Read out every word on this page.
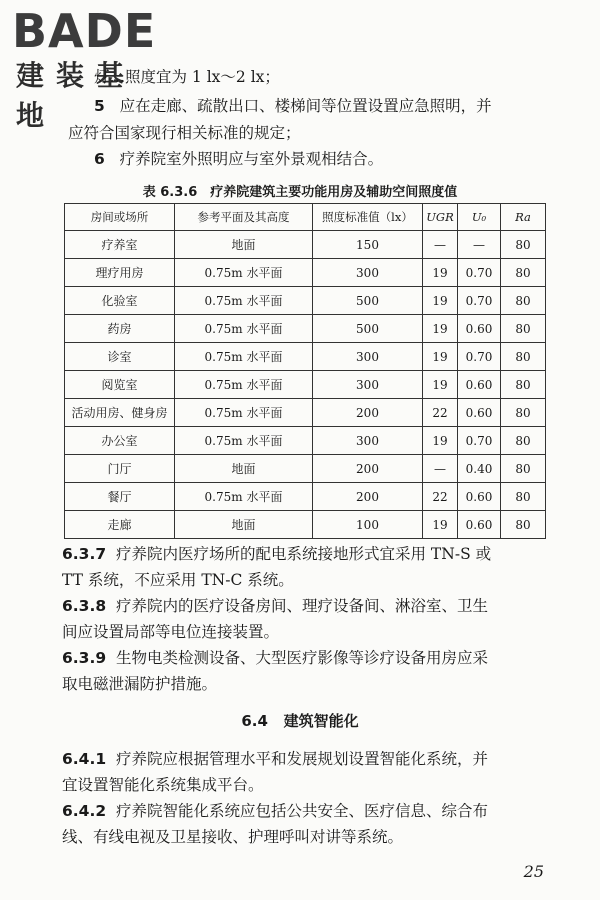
BADE
建装基地
灯…照度宜为 1 lx～2 lx；
5 应在走廊、疏散出口、楼梯间等位置设置应急照明，并
应符合国家现行相关标准的规定；
6 疗养院室外照明应与室外景观相结合。
表 6.3.6　疗养院建筑主要功能用房及辅助空间照度值
房间或场所	参考平面及其高度	照度标准值（lx）	UGR	U₀	Ra
疗养室	地面	150	—	—	80
理疗用房	0.75m 水平面	300	19	0.70	80
化验室	0.75m 水平面	500	19	0.70	80
药房	0.75m 水平面	500	19	0.60	80
诊室	0.75m 水平面	300	19	0.70	80
阅览室	0.75m 水平面	300	19	0.60	80
活动用房、健身房	0.75m 水平面	200	22	0.60	80
办公室	0.75m 水平面	300	19	0.70	80
门厅	地面	200	—	0.40	80
餐厅	0.75m 水平面	200	22	0.60	80
走廊	地面	100	19	0.60	80
6.3.7 疗养院内医疗场所的配电系统接地形式宜采用 TN-S 或
TT 系统，不应采用 TN-C 系统。
6.3.8 疗养院内的医疗设备房间、理疗设备间、淋浴室、卫生
间应设置局部等电位连接装置。
6.3.9 生物电类检测设备、大型医疗影像等诊疗设备用房应采
取电磁泄漏防护措施。
6.4 建筑智能化
6.4.1 疗养院应根据管理水平和发展规划设置智能化系统，并
宜设置智能化系统集成平台。
6.4.2 疗养院智能化系统应包括公共安全、医疗信息、综合布
线、有线电视及卫星接收、护理呼叫对讲等系统。
25
